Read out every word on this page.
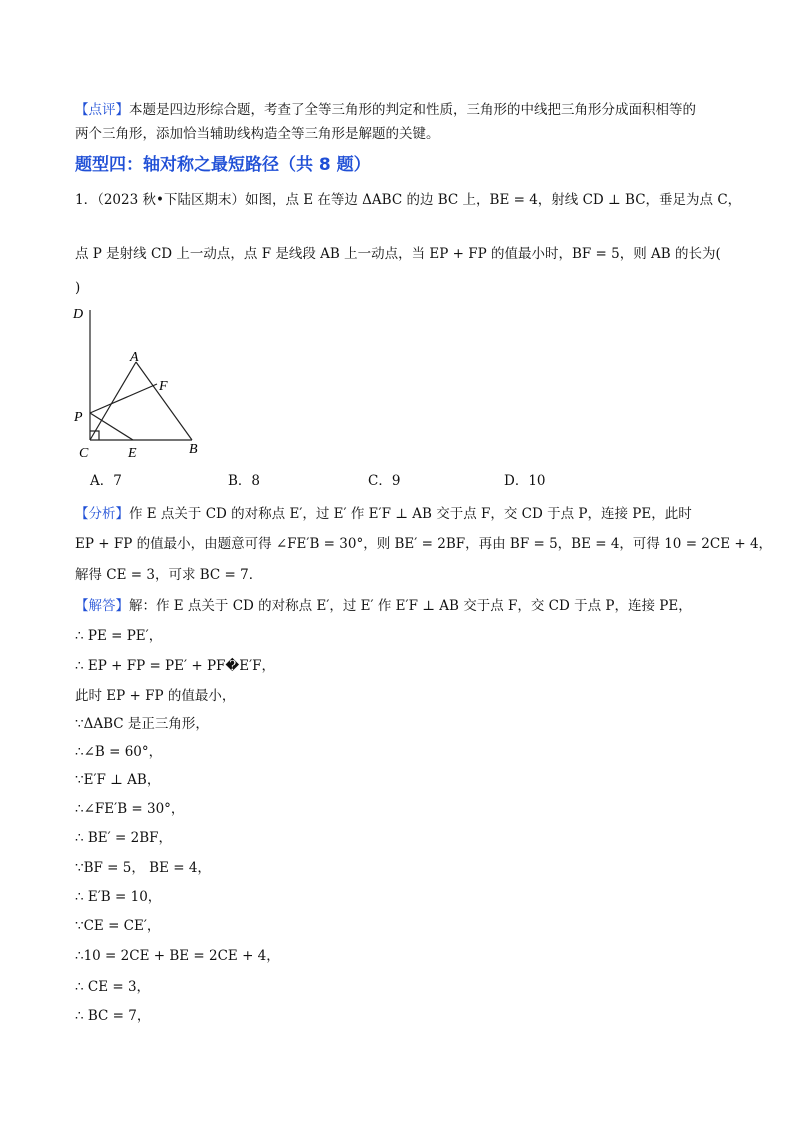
【点评】本题是四边形综合题，考查了全等三角形的判定和性质，三角形的中线把三角形分成面积相等的
两个三角形，添加恰当辅助线构造全等三角形是解题的关键。
题型四：轴对称之最短路径（共 8 题）
1．（2023 秋•下陆区期末）如图，点 E 在等边 ΔABC 的边 BC 上，BE = 4，射线 CD ⊥ BC，垂足为点 C，
点 P 是射线 CD 上一动点，点 F 是线段 AB 上一动点，当 EP + FP 的值最小时，BF = 5，则 AB 的长为(
)
D
A
F
P
C	E	B
A．7	B．8	C．9	D．10
【分析】作 E 点关于 CD 的对称点 E′，过 E′ 作 E′F ⊥ AB 交于点 F，交 CD 于点 P，连接 PE，此时
EP + FP 的值最小，由题意可得 ∠FE′B = 30°，则 BE′ = 2BF，再由 BF = 5，BE = 4，可得 10 = 2CE + 4，
解得 CE = 3，可求 BC = 7．
【解答】解：作 E 点关于 CD 的对称点 E′，过 E′ 作 E′F ⊥ AB 交于点 F，交 CD 于点 P，连接 PE，
∴ PE = PE′，
∴ EP + FP = PE′ + PF�E′F，
此时 EP + FP 的值最小，
∵ΔABC 是正三角形，
∴∠B = 60°，
∵E′F ⊥ AB，
∴∠FE′B = 30°，
∴ BE′ = 2BF，
∵BF = 5， BE = 4，
∴ E′B = 10，
∵CE = CE′，
∴10 = 2CE + BE = 2CE + 4，
∴ CE = 3，
∴ BC = 7，
